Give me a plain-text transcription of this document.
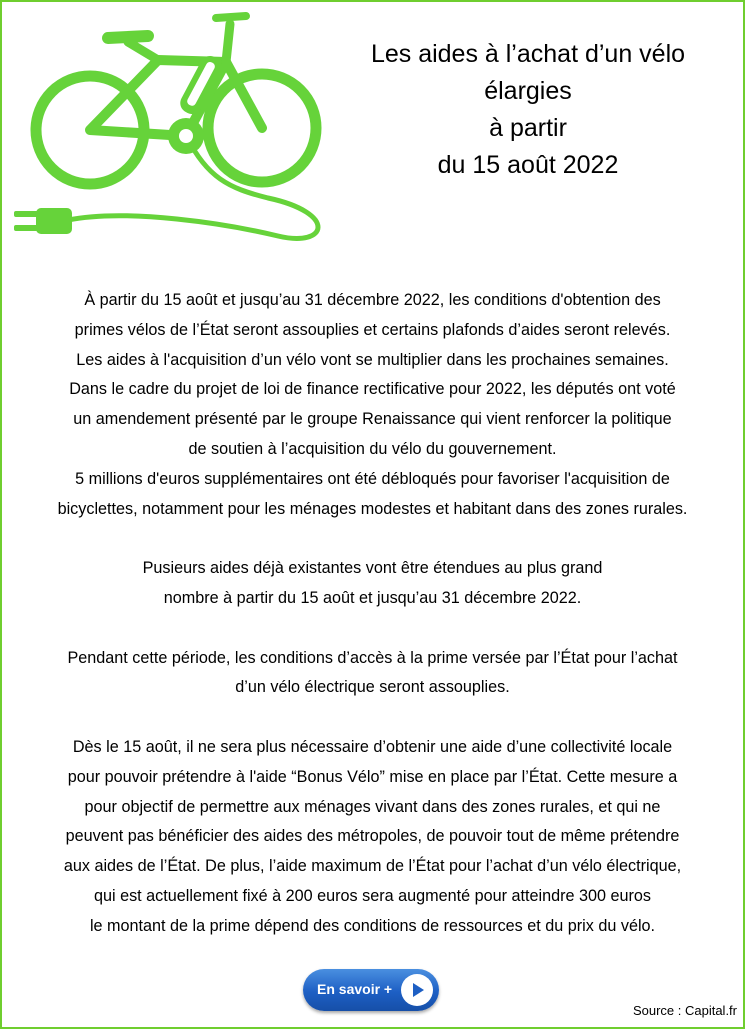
Les aides à l’achat d’un vélo
élargies
à partir
du 15 août 2022
À partir du 15 août et jusqu’au 31 décembre 2022, les conditions d'obtention des
primes vélos de l’État seront assouplies et certains plafonds d’aides seront relevés.
Les aides à l'acquisition d’un vélo vont se multiplier dans les prochaines semaines.
Dans le cadre du projet de loi de finance rectificative pour 2022, les députés ont voté
un amendement présenté par le groupe Renaissance qui vient renforcer la politique
de soutien à l’acquisition du vélo du gouvernement.
5 millions d'euros supplémentaires ont été débloqués pour favoriser l'acquisition de
bicyclettes, notamment pour les ménages modestes et habitant dans des zones rurales.
Pusieurs aides déjà existantes vont être étendues au plus grand
nombre à partir du 15 août et jusqu’au 31 décembre 2022.
Pendant cette période, les conditions d’accès à la prime versée par l’État pour l’achat
d’un vélo électrique seront assouplies.
Dès le 15 août, il ne sera plus nécessaire d’obtenir une aide d’une collectivité locale
pour pouvoir prétendre à l'aide “Bonus Vélo” mise en place par l’État. Cette mesure a
pour objectif de permettre aux ménages vivant dans des zones rurales, et qui ne
peuvent pas bénéficier des aides des métropoles, de pouvoir tout de même prétendre
aux aides de l’État. De plus, l’aide maximum de l’État pour l’achat d’un vélo électrique,
qui est actuellement fixé à 200 euros sera augmenté pour atteindre 300 euros
le montant de la prime dépend des conditions de ressources et du prix du vélo.
En savoir +
Source : Capital.fr
